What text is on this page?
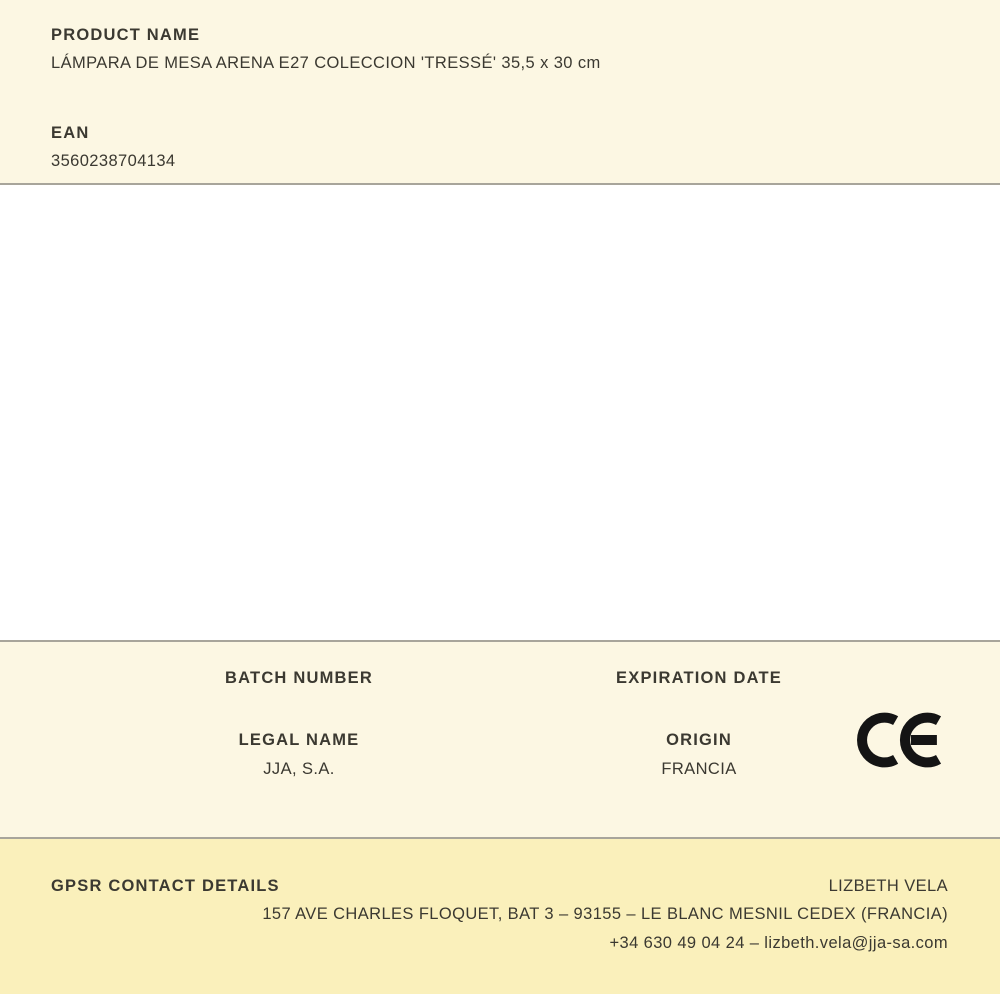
PRODUCT NAME
LÁMPARA DE MESA ARENA E27 COLECCION 'TRESSÉ' 35,5 x 30 cm
EAN
3560238704134
BATCH NUMBER	EXPIRATION DATE
LEGAL NAME
JJA, S.A.
ORIGIN
FRANCIA
GPSR CONTACT DETAILS	LIZBETH VELA
157 AVE CHARLES FLOQUET, BAT 3 – 93155 – LE BLANC MESNIL CEDEX (FRANCIA)
+34 630 49 04 24 – lizbeth.vela@jja-sa.com
